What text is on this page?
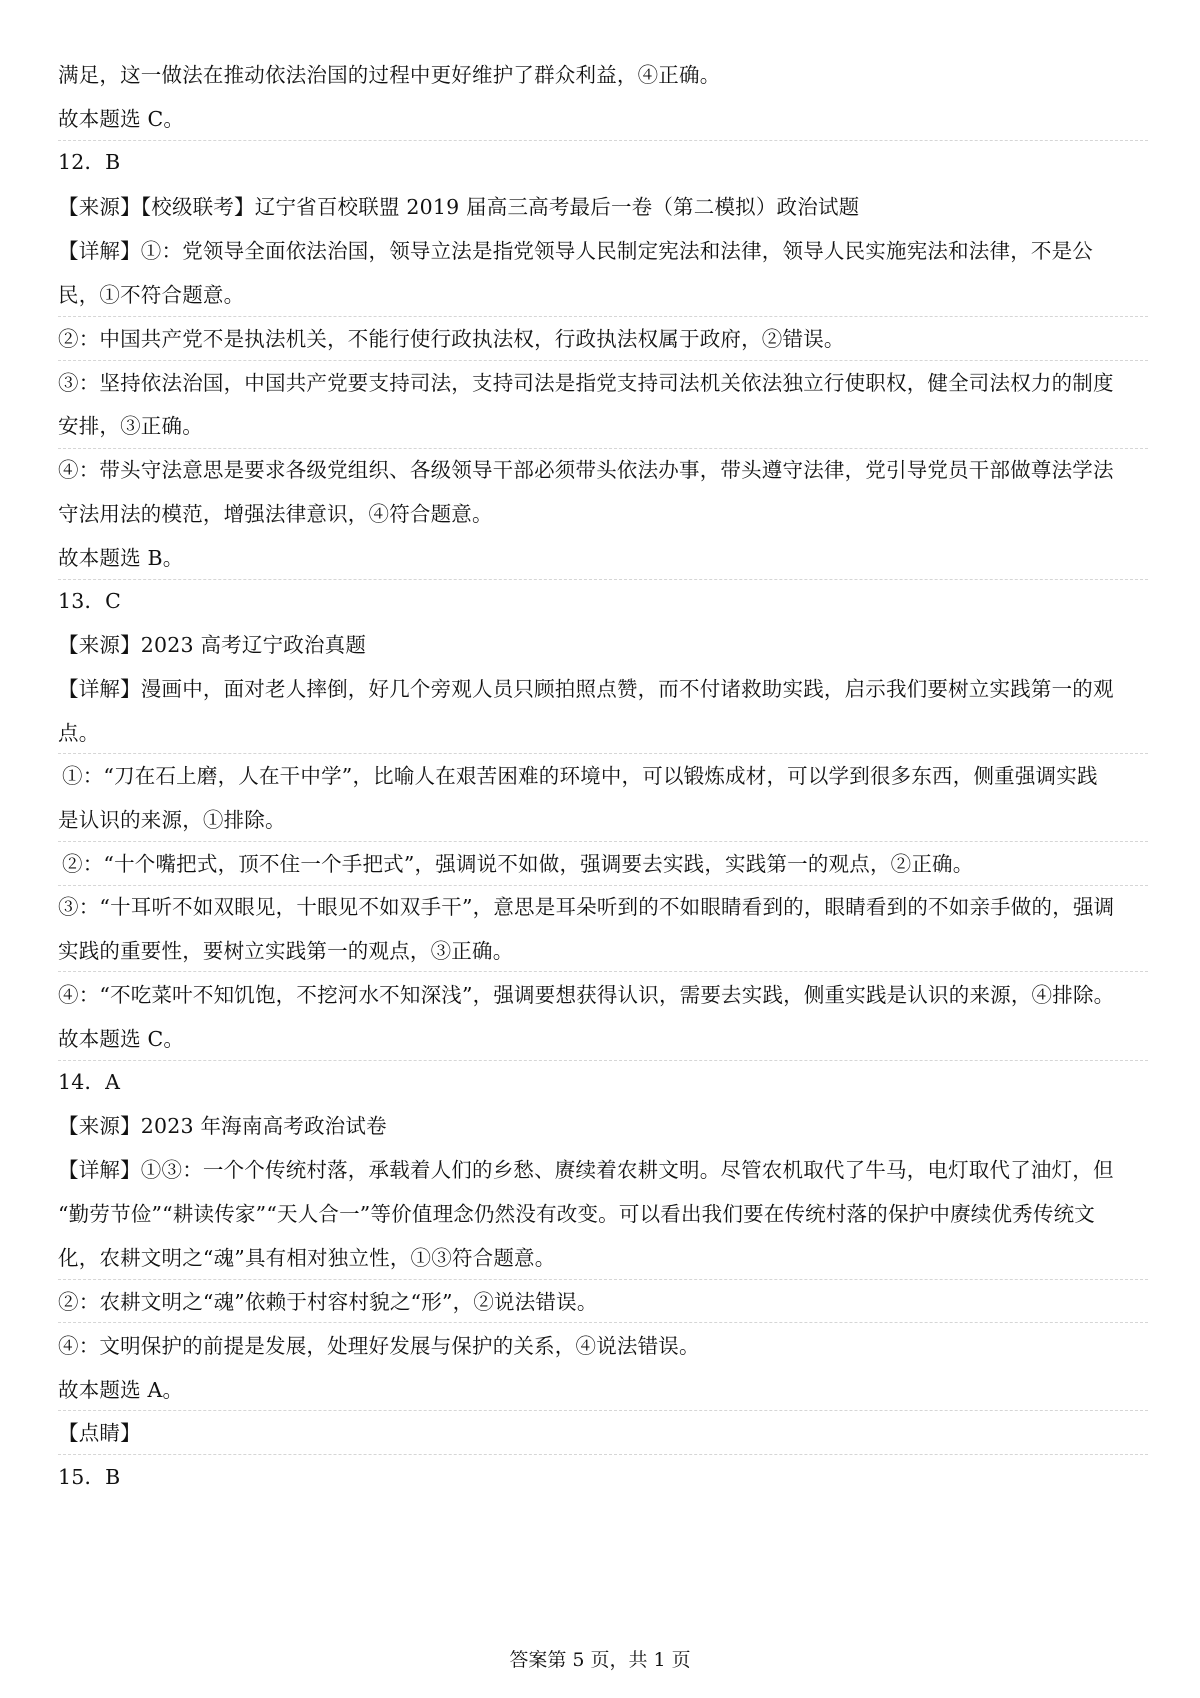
满足，这一做法在推动依法治国的过程中更好维护了群众利益，④正确。
故本题选 C。
12．B
【来源】【校级联考】辽宁省百校联盟 2019 届高三高考最后一卷（第二模拟）政治试题
【详解】①：党领导全面依法治国，领导立法是指党领导人民制定宪法和法律，领导人民实施宪法和法律，不是公
民，①不符合题意。
②：中国共产党不是执法机关，不能行使行政执法权，行政执法权属于政府，②错误。
③：坚持依法治国，中国共产党要支持司法，支持司法是指党支持司法机关依法独立行使职权，健全司法权力的制度
安排，③正确。
④：带头守法意思是要求各级党组织、各级领导干部必须带头依法办事，带头遵守法律，党引导党员干部做尊法学法
守法用法的模范，增强法律意识，④符合题意。
故本题选 B。
13．C
【来源】2023 高考辽宁政治真题
【详解】漫画中，面对老人摔倒，好几个旁观人员只顾拍照点赞，而不付诸救助实践，启示我们要树立实践第一的观
点。
①：“刀在石上磨，人在干中学”，比喻人在艰苦困难的环境中，可以锻炼成材，可以学到很多东西，侧重强调实践
是认识的来源，①排除。
②：“十个嘴把式，顶不住一个手把式”，强调说不如做，强调要去实践，实践第一的观点，②正确。
③：“十耳听不如双眼见，十眼见不如双手干”，意思是耳朵听到的不如眼睛看到的，眼睛看到的不如亲手做的，强调
实践的重要性，要树立实践第一的观点，③正确。
④：“不吃菜叶不知饥饱，不挖河水不知深浅”，强调要想获得认识，需要去实践，侧重实践是认识的来源，④排除。
故本题选 C。
14．A
【来源】2023 年海南高考政治试卷
【详解】①③：一个个传统村落，承载着人们的乡愁、赓续着农耕文明。尽管农机取代了牛马，电灯取代了油灯，但
“勤劳节俭”“耕读传家”“天人合一”等价值理念仍然没有改变。可以看出我们要在传统村落的保护中赓续优秀传统文
化，农耕文明之“魂”具有相对独立性，①③符合题意。
②：农耕文明之“魂”依赖于村容村貌之“形”，②说法错误。
④：文明保护的前提是发展，处理好发展与保护的关系，④说法错误。
故本题选 A。
【点睛】
15．B
答案第 5 页，共 1 页
